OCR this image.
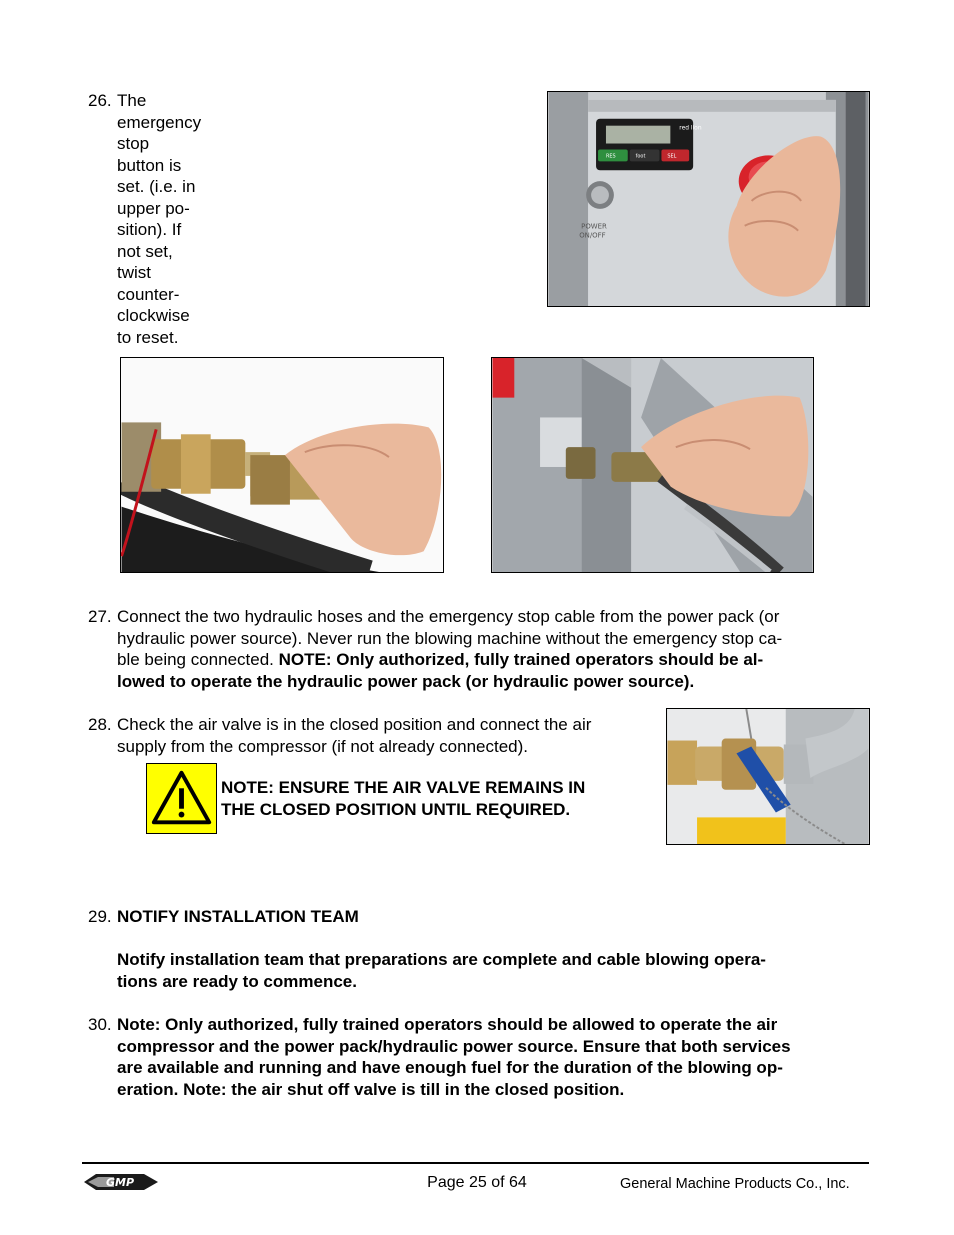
26. The emergency stop button is set. (i.e. in upper po-
sition). If not set, twist counter-clockwise to reset.
red lion
RES	foot	SEL
POWER
ON/OFF
27. Connect the two hydraulic hoses and the emergency stop cable from the power pack (or
hydraulic power source). Never run the blowing machine without the emergency stop ca-
ble being connected. NOTE: Only authorized, fully trained operators should be al-
lowed to operate the hydraulic power pack (or hydraulic power source).
28. Check the air valve is in the closed position and connect the air
supply from the compressor (if not already connected).
NOTE: ENSURE THE AIR VALVE REMAINS IN
THE CLOSED POSITION UNTIL REQUIRED.
29. NOTIFY INSTALLATION TEAM
Notify installation team that preparations are complete and cable blowing opera-
tions are ready to commence.
30. Note: Only authorized, fully trained operators should be allowed to operate the air
compressor and the power pack/hydraulic power source. Ensure that both services
are available and running and have enough fuel for the duration of the blowing op-
eration. Note: the air shut off valve is till in the closed position.
GMP	Page 25 of 64	General Machine Products Co., Inc.
